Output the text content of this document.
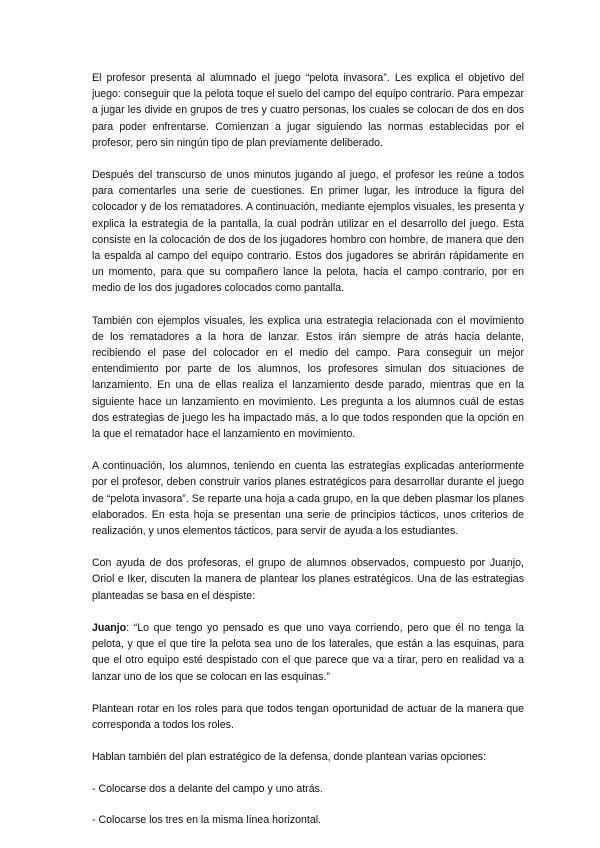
El profesor presenta al alumnado el juego “pelota invasora”. Les explica el objetivo del juego: conseguir que la pelota toque el suelo del campo del equipo contrario. Para empezar a jugar les divide en grupos de tres y cuatro personas, los cuales se colocan de dos en dos para poder enfrentarse. Comienzan a jugar siguiendo las normas establecidas por el profesor, pero sin ningún tipo de plan previamente deliberado.

Después del transcurso de unos minutos jugando al juego, el profesor les reúne a todos para comentarles una serie de cuestiones. En primer lugar, les introduce la figura del colocador y de los rematadores. A continuación, mediante ejemplos visuales, les presenta y explica la estrategia de la pantalla, la cual podrán utilizar en el desarrollo del juego. Esta consiste en la colocación de dos de los jugadores hombro con hombre, de manera que den la espalda al campo del equipo contrario. Estos dos jugadores se abrirán rápidamente en un momento, para que su compañero lance la pelota, hacia el campo contrario, por en medio de los dos jugadores colocados como pantalla.

También con ejemplos visuales, les explica una estrategia relacionada con el movimiento de los rematadores a la hora de lanzar. Estos irán siempre de atrás hacia delante, recibiendo el pase del colocador en el medio del campo. Para conseguir un mejor entendimiento por parte de los alumnos, los profesores simulan dos situaciones de lanzamiento. En una de ellas realiza el lanzamiento desde parado, mientras que en la siguiente hace un lanzamiento en movimiento. Les pregunta a los alumnos cuál de estas dos estrategias de juego les ha impactado más, a lo que todos responden que la opción en la que el rematador hace el lanzamiento en movimiento.

A continuación, los alumnos, teniendo en cuenta las estrategias explicadas anteriormente por el profesor, deben construir varios planes estratégicos para desarrollar durante el juego de “pelota invasora”. Se reparte una hoja a cada grupo, en la que deben plasmar los planes elaborados. En esta hoja se presentan una serie de principios tácticos, unos criterios de realización, y unos elementos tácticos, para servir de ayuda a los estudiantes.

Con ayuda de dos profesoras, el grupo de alumnos observados, compuesto por Juanjo, Oriol e Iker, discuten la manera de plantear los planes estratégicos. Una de las estrategias planteadas se basa en el despiste:

Juanjo: “Lo que tengo yo pensado es que uno vaya corriendo, pero que él no tenga la pelota, y que el que tire la pelota sea uno de los laterales, que están a las esquinas, para que el otro equipo esté despistado con el que parece que va a tirar, pero en realidad va a lanzar uno de los que se colocan en las esquinas.”

Plantean rotar en los roles para que todos tengan oportunidad de actuar de la manera que corresponda a todos los roles.

Hablan también del plan estratégico de la defensa, donde plantean varias opciones:

- Colocarse dos a delante del campo y uno atrás.

- Colocarse los tres en la misma línea horizontal.
